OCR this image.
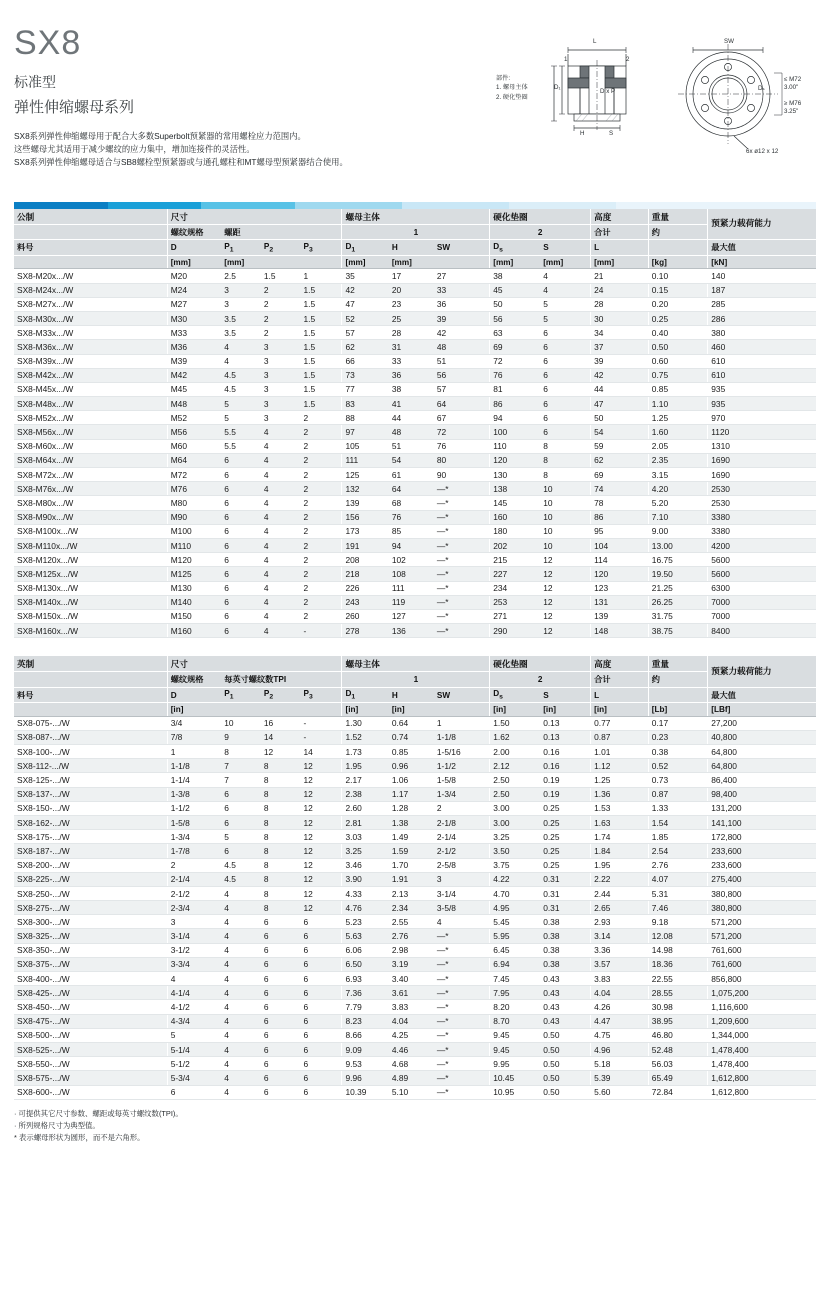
SX8
标准型
弹性伸缩螺母系列

SX8系列弹性伸缩螺母用于配合大多数Superbolt预紧器的常用螺栓应力范围内。

这些螺母尤其适用于减少螺纹的应力集中，增加连接件的灵活性。

SX8系列弹性伸缩螺母适合与SB8螺栓型预紧器或与通孔螺柱和MT螺母型预紧器结合使用。

部件:
1. 螺母主体
2. 硬化垫圈
L	SW
1	2
D₁
D x P
H	S
Dₛ
6x ø12 x 12
≤ M72
3.00"
≥ M76
3.25"
公制	尺寸				螺母主体			硬化垫圈		高度	重量	预紧力载荷能力
	螺纹规格	螺距			1			2		合计	约	
料号	D	$P_1$	$P_2$	$P_3$	$D_1$	H	SW	$D_s$	S	L		最大值
	[mm]	[mm]			[mm]	[mm]		[mm]	[mm]	[mm]	[kg]	[kN]
SX8-M20x.../W	M20	2.5	1.5	1	35	17	27	38	4	21	0.10	140
SX8-M24x.../W	M24	3	2	1.5	42	20	33	45	4	24	0.15	187
SX8-M27x.../W	M27	3	2	1.5	47	23	36	50	5	28	0.20	285
SX8-M30x.../W	M30	3.5	2	1.5	52	25	39	56	5	30	0.25	286
SX8-M33x.../W	M33	3.5	2	1.5	57	28	42	63	6	34	0.40	380
SX8-M36x.../W	M36	4	3	1.5	62	31	48	69	6	37	0.50	460
SX8-M39x.../W	M39	4	3	1.5	66	33	51	72	6	39	0.60	610
SX8-M42x.../W	M42	4.5	3	1.5	73	36	56	76	6	42	0.75	610
SX8-M45x.../W	M45	4.5	3	1.5	77	38	57	81	6	44	0.85	935
SX8-M48x.../W	M48	5	3	1.5	83	41	64	86	6	47	1.10	935
SX8-M52x.../W	M52	5	3	2	88	44	67	94	6	50	1.25	970
SX8-M56x.../W	M56	5.5	4	2	97	48	72	100	6	54	1.60	1120
SX8-M60x.../W	M60	5.5	4	2	105	51	76	110	8	59	2.05	1310
SX8-M64x.../W	M64	6	4	2	111	54	80	120	8	62	2.35	1690
SX8-M72x.../W	M72	6	4	2	125	61	90	130	8	69	3.15	1690
SX8-M76x.../W	M76	6	4	2	132	64	—*	138	10	74	4.20	2530
SX8-M80x.../W	M80	6	4	2	139	68	—*	145	10	78	5.20	2530
SX8-M90x.../W	M90	6	4	2	156	76	—*	160	10	86	7.10	3380
SX8-M100x.../W	M100	6	4	2	173	85	—*	180	10	95	9.00	3380
SX8-M110x.../W	M110	6	4	2	191	94	—*	202	10	104	13.00	4200
SX8-M120x.../W	M120	6	4	2	208	102	—*	215	12	114	16.75	5600
SX8-M125x.../W	M125	6	4	2	218	108	—*	227	12	120	19.50	5600
SX8-M130x.../W	M130	6	4	2	226	111	—*	234	12	123	21.25	6300
SX8-M140x.../W	M140	6	4	2	243	119	—*	253	12	131	26.25	7000
SX8-M150x.../W	M150	6	4	2	260	127	—*	271	12	139	31.75	7000
SX8-M160x.../W	M160	6	4	-	278	136	—*	290	12	148	38.75	8400
英制	尺寸				螺母主体			硬化垫圈		高度	重量	预紧力载荷能力
	螺纹规格	每英寸螺纹数TPI			1			2		合计	约	
料号	D	$P_1$	$P_2$	$P_3$	$D_1$	H	SW	$D_s$	S	L		最大值
	[in]				[in]	[in]		[in]	[in]	[in]	[Lb]	[LBf]
SX8-075-.../W	3/4	10	16	-	1.30	0.64	1	1.50	0.13	0.77	0.17	27,200
SX8-087-.../W	7/8	9	14	-	1.52	0.74	1-1/8	1.62	0.13	0.87	0.23	40,800
SX8-100-.../W	1	8	12	14	1.73	0.85	1-5/16	2.00	0.16	1.01	0.38	64,800
SX8-112-.../W	1-1/8	7	8	12	1.95	0.96	1-1/2	2.12	0.16	1.12	0.52	64,800
SX8-125-.../W	1-1/4	7	8	12	2.17	1.06	1-5/8	2.50	0.19	1.25	0.73	86,400
SX8-137-.../W	1-3/8	6	8	12	2.38	1.17	1-3/4	2.50	0.19	1.36	0.87	98,400
SX8-150-.../W	1-1/2	6	8	12	2.60	1.28	2	3.00	0.25	1.53	1.33	131,200
SX8-162-.../W	1-5/8	6	8	12	2.81	1.38	2-1/8	3.00	0.25	1.63	1.54	141,100
SX8-175-.../W	1-3/4	5	8	12	3.03	1.49	2-1/4	3.25	0.25	1.74	1.85	172,800
SX8-187-.../W	1-7/8	6	8	12	3.25	1.59	2-1/2	3.50	0.25	1.84	2.54	233,600
SX8-200-.../W	2	4.5	8	12	3.46	1.70	2-5/8	3.75	0.25	1.95	2.76	233,600
SX8-225-.../W	2-1/4	4.5	8	12	3.90	1.91	3	4.22	0.31	2.22	4.07	275,400
SX8-250-.../W	2-1/2	4	8	12	4.33	2.13	3-1/4	4.70	0.31	2.44	5.31	380,800
SX8-275-.../W	2-3/4	4	8	12	4.76	2.34	3-5/8	4.95	0.31	2.65	7.46	380,800
SX8-300-.../W	3	4	6	6	5.23	2.55	4	5.45	0.38	2.93	9.18	571,200
SX8-325-.../W	3-1/4	4	6	6	5.63	2.76	—*	5.95	0.38	3.14	12.08	571,200
SX8-350-.../W	3-1/2	4	6	6	6.06	2.98	—*	6.45	0.38	3.36	14.98	761,600
SX8-375-.../W	3-3/4	4	6	6	6.50	3.19	—*	6.94	0.38	3.57	18.36	761,600
SX8-400-.../W	4	4	6	6	6.93	3.40	—*	7.45	0.43	3.83	22.55	856,800
SX8-425-.../W	4-1/4	4	6	6	7.36	3.61	—*	7.95	0.43	4.04	28.55	1,075,200
SX8-450-.../W	4-1/2	4	6	6	7.79	3.83	—*	8.20	0.43	4.26	30.98	1,116,600
SX8-475-.../W	4-3/4	4	6	6	8.23	4.04	—*	8.70	0.43	4.47	38.95	1,209,600
SX8-500-.../W	5	4	6	6	8.66	4.25	—*	9.45	0.50	4.75	46.80	1,344,000
SX8-525-.../W	5-1/4	4	6	6	9.09	4.46	—*	9.45	0.50	4.96	52.48	1,478,400
SX8-550-.../W	5-1/2	4	6	6	9.53	4.68	—*	9.95	0.50	5.18	56.03	1,478,400
SX8-575-.../W	5-3/4	4	6	6	9.96	4.89	—*	10.45	0.50	5.39	65.49	1,612,800
SX8-600-.../W	6	4	6	6	10.39	5.10	—*	10.95	0.50	5.60	72.84	1,612,800
· 可提供其它尺寸参数、螺距或每英寸螺纹数(TPI)。
· 所列规格尺寸为典型值。
* 表示螺母形状为圆形，而不是六角形。
